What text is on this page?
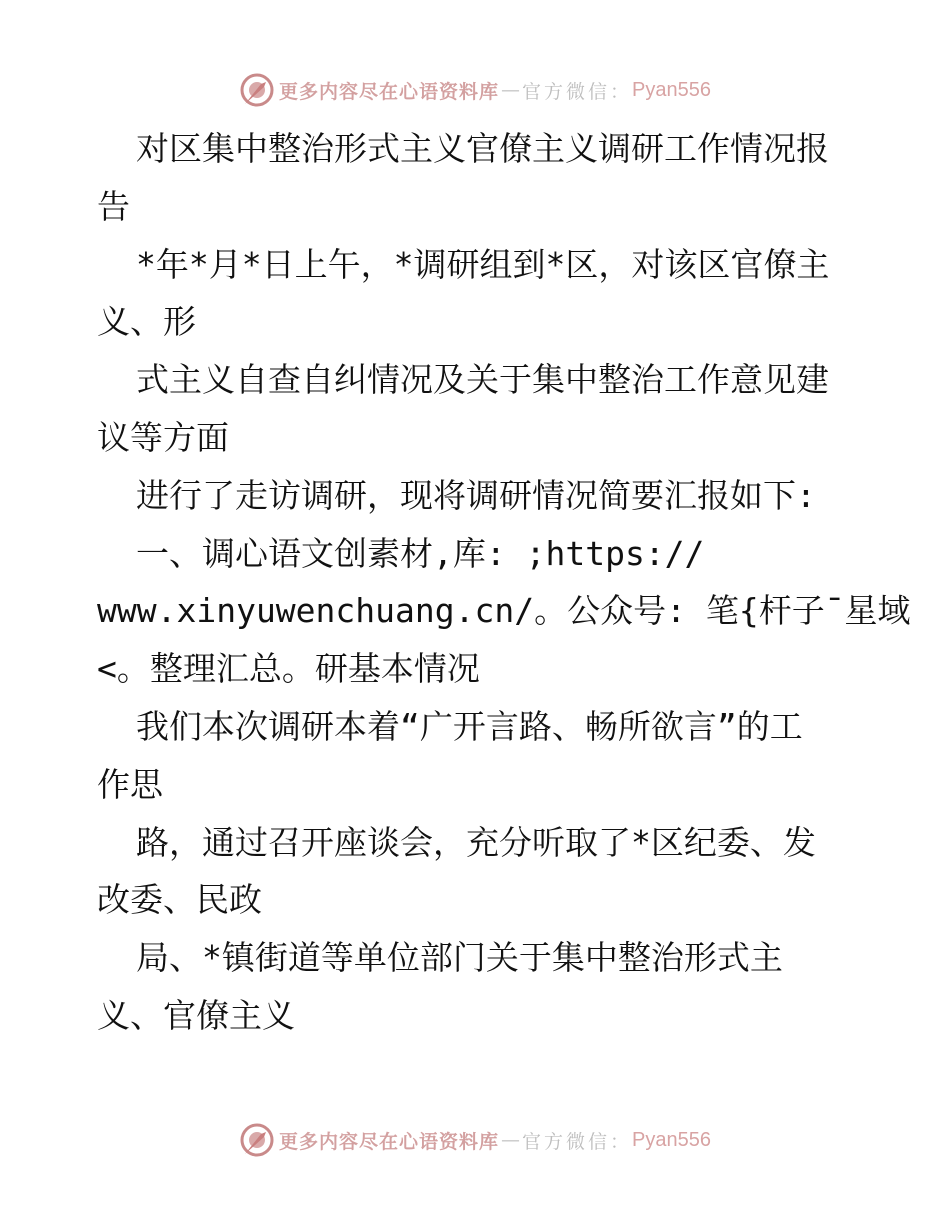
更多内容尽在心语资料库 — 官方微信： Pyan556
对区集中整治形式主义官僚主义调研工作情况报
告
*年*月*日上午，*调研组到*区，对该区官僚主
义、形
式主义自查自纠情况及关于集中整治工作意见建
议等方面
进行了走访调研，现将调研情况简要汇报如下:
一、调心语文创素材,库: ;https://
www.xinyuwenchuang.cn/。公众号: 笔{杆子¯星域
<。整理汇总。研基本情况
我们本次调研本着“广开言路、畅所欲言”的工
作思
路，通过召开座谈会，充分听取了*区纪委、发
改委、民政
局、*镇街道等单位部门关于集中整治形式主
义、官僚主义
更多内容尽在心语资料库 — 官方微信： Pyan556
